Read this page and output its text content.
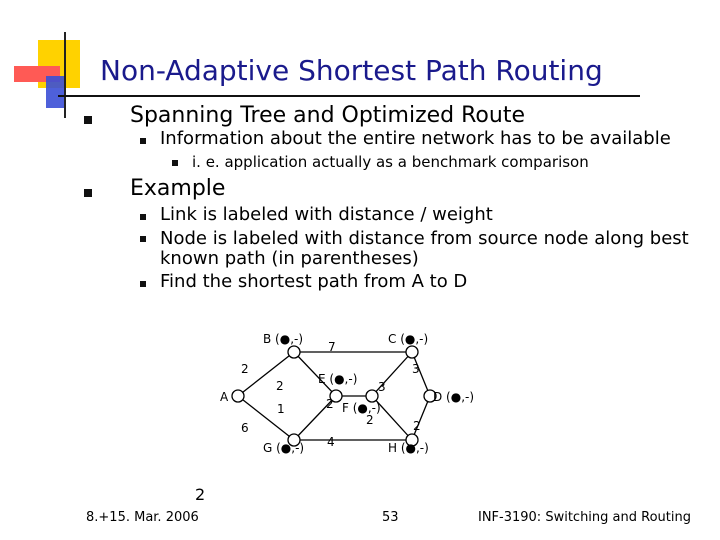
Non-Adaptive Shortest Path Routing
Spanning Tree and Optimized Route
Information about the entire network has to be available
i. e. application actually as a benchmark comparison
Example
Link is labeled with distance / weight
Node is labeled with distance from source node along best known path (in parentheses)
Find the shortest path from A to D
A
B (●,-)	C (●,-)
D (●,-)
E (●,-)
F (●,-)
G (●,-)	H (●,-)
2
6
7
2
1
4
2
3
2
3
2
2
8.+15. Mar. 2006	53	INF-3190: Switching and Routing
